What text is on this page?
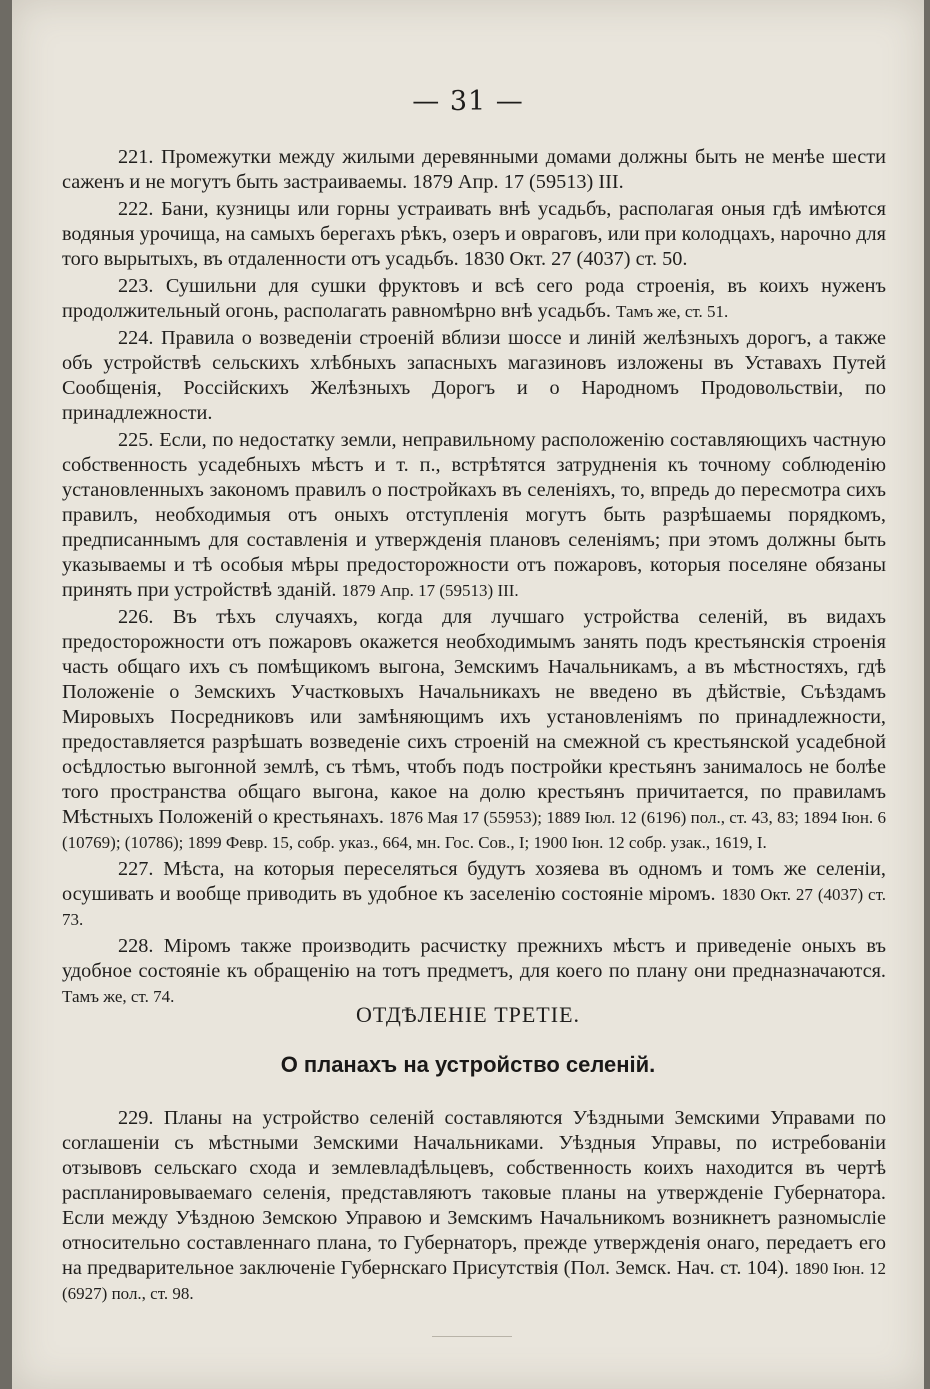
— 31 —

221. Промежутки между жилыми деревянными домами должны быть не менѣе шести саженъ и не могутъ быть застраиваемы. 1879 Апр. 17 (59513) III.

222. Бани, кузницы или горны устраивать внѣ усадьбъ, располагая оныя гдѣ имѣются водяныя урочища, на самыхъ берегахъ рѣкъ, озеръ и овраговъ, или при колодцахъ, нарочно для того вырытыхъ, въ отдаленности отъ усадьбъ. 1830 Окт. 27 (4037) ст. 50.

223. Сушильни для сушки фруктовъ и всѣ сего рода строенія, въ коихъ нуженъ продолжительный огонь, располагать равномѣрно внѣ усадьбъ. Тамъ же, ст. 51.

224. Правила о возведеніи строеній вблизи шоссе и линій желѣзныхъ дорогъ, а также объ устройствѣ сельскихъ хлѣбныхъ запасныхъ магазиновъ изложены въ Уставахъ Путей Сообщенія, Россійскихъ Желѣзныхъ Дорогъ и о Народномъ Продовольствіи, по принадлежности.

225. Если, по недостатку земли, неправильному расположенію составляющихъ частную собственность усадебныхъ мѣстъ и т. п., встрѣтятся затрудненія къ точному соблюденію установленныхъ закономъ правилъ о постройкахъ въ селеніяхъ, то, впредь до пересмотра сихъ правилъ, необходимыя отъ оныхъ отступленія могутъ быть разрѣшаемы порядкомъ, предписаннымъ для составленія и утвержденія плановъ селеніямъ; при этомъ должны быть указываемы и тѣ особыя мѣры предосторожности отъ пожаровъ, которыя поселяне обязаны принять при устройствѣ зданій. 1879 Апр. 17 (59513) III.

226. Въ тѣхъ случаяхъ, когда для лучшаго устройства селеній, въ видахъ предосторожности отъ пожаровъ окажется необходимымъ занять подъ крестьянскія строенія часть общаго ихъ съ помѣщикомъ выгона, Земскимъ Начальникамъ, а въ мѣстностяхъ, гдѣ Положеніе о Земскихъ Участковыхъ Начальникахъ не введено въ дѣйствіе, Съѣздамъ Мировыхъ Посредниковъ или замѣняющимъ ихъ установленіямъ по принадлежности, предоставляется разрѣшать возведеніе сихъ строеній на смежной съ крестьянской усадебной осѣдлостью выгонной землѣ, съ тѣмъ, чтобъ подъ постройки крестьянъ занималось не болѣе того пространства общаго выгона, какое на долю крестьянъ причитается, по правиламъ Мѣстныхъ Положеній о крестьянахъ. 1876 Мая 17 (55953); 1889 Іюл. 12 (6196) пол., ст. 43, 83; 1894 Іюн. 6 (10769); (10786); 1899 Февр. 15, собр. указ., 664, мн. Гос. Сов., I; 1900 Іюн. 12 собр. узак., 1619, I.

227. Мѣста, на которыя переселяться будутъ хозяева въ одномъ и томъ же селеніи, осушивать и вообще приводить въ удобное къ заселенію состояніе міромъ. 1830 Окт. 27 (4037) ст. 73.

228. Міромъ также производить расчистку прежнихъ мѣстъ и приведеніе оныхъ въ удобное состояніе къ обращенію на тотъ предметъ, для коего по плану они предназначаются. Тамъ же, ст. 74.

ОТДѢЛЕНІЕ ТРЕТІЕ.
О планахъ на устройство селеній.

229. Планы на устройство селеній составляются Уѣздными Земскими Управами по соглашеніи съ мѣстными Земскими Начальниками. Уѣздныя Управы, по истребованіи отзывовъ сельскаго схода и землевладѣльцевъ, собственность коихъ находится въ чертѣ распланировываемаго селенія, представляютъ таковые планы на утвержденіе Губернатора. Если между Уѣздною Земскою Управою и Земскимъ Начальникомъ возникнетъ разномысліе относительно составленнаго плана, то Губернаторъ, прежде утвержденія онаго, передаетъ его на предварительное заключеніе Губернскаго Присутствія (Пол. Земск. Нач. ст. 104). 1890 Іюн. 12 (6927) пол., ст. 98.
